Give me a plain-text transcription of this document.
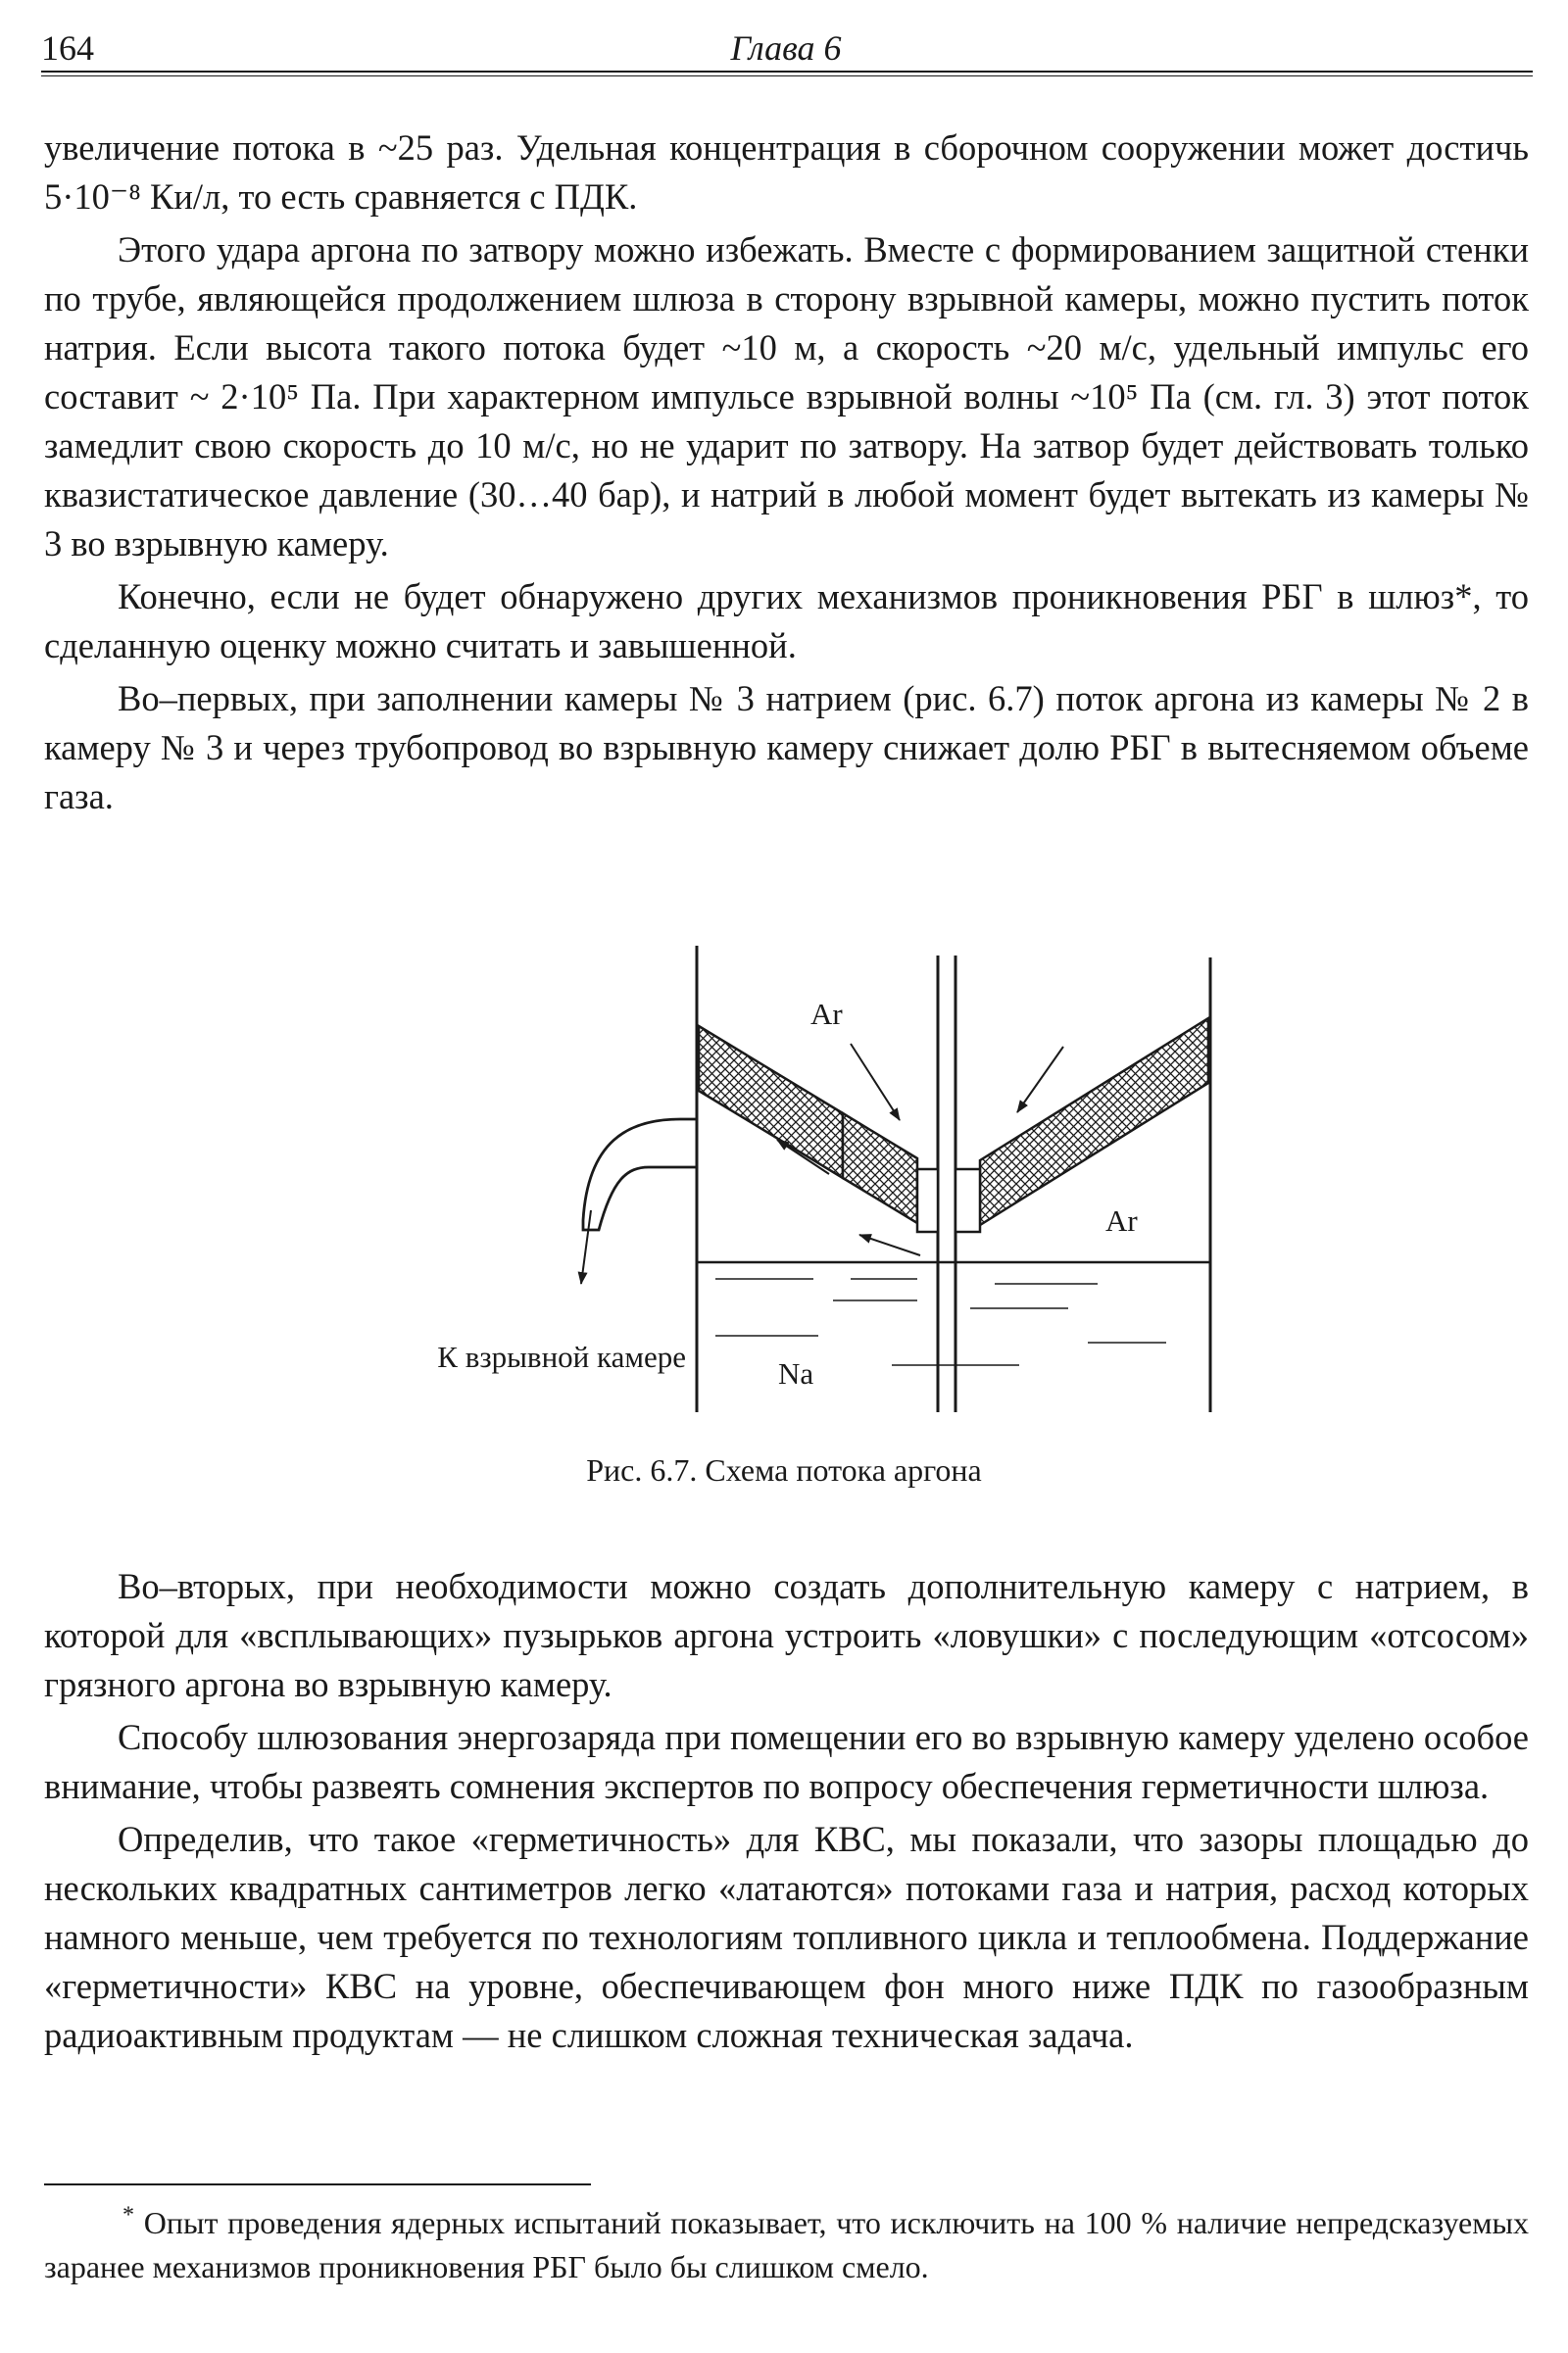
164	Глава 6

увеличение потока в ~25 раз. Удельная концентрация в сборочном сооружении может достичь 5·10⁻⁸ Ки/л, то есть сравняется с ПДК.

Этого удара аргона по затвору можно избежать. Вместе с формированием защитной стенки по трубе, являющейся продолжением шлюза в сторону взрывной камеры, можно пустить поток натрия. Если высота такого потока будет ~10 м, а скорость ~20 м/с, удельный импульс его составит ~ 2·10⁵ Па. При характерном импульсе взрывной волны ~10⁵ Па (см. гл. 3) этот поток замедлит свою скорость до 10 м/с, но не ударит по затвору. На затвор будет действовать только квазистатическое давление (30…40 бар), и натрий в любой момент будет вытекать из камеры № 3 во взрывную камеру.

Конечно, если не будет обнаружено других механизмов проникновения РБГ в шлюз*, то сделанную оценку можно считать и завышенной.

Во–первых, при заполнении камеры № 3 натрием (рис. 6.7) поток аргона из камеры № 2 в камеру № 3 и через трубопровод во взрывную камеру снижает долю РБГ в вытесняемом объеме газа.

Ar
Ar
Na
К взрывной камере
Рис. 6.7. Схема потока аргона

Во–вторых, при необходимости можно создать дополнительную камеру с натрием, в которой для «всплывающих» пузырьков аргона устроить «ловушки» с последующим «отсосом» грязного аргона во взрывную камеру.

Способу шлюзования энергозаряда при помещении его во взрывную камеру уделено особое внимание, чтобы развеять сомнения экспертов по вопросу обеспечения герметичности шлюза.

Определив, что такое «герметичность» для КВС, мы показали, что зазоры площадью до нескольких квадратных сантиметров легко «латаются» потоками газа и натрия, расход которых намного меньше, чем требуется по технологиям топливного цикла и теплообмена. Поддержание «герметичности» КВС на уровне, обеспечивающем фон много ниже ПДК по газообразным радиоактивным продуктам — не слишком сложная техническая задача.

* Опыт проведения ядерных испытаний показывает, что исключить на 100 % наличие непредсказуемых заранее механизмов проникновения РБГ было бы слишком смело.
